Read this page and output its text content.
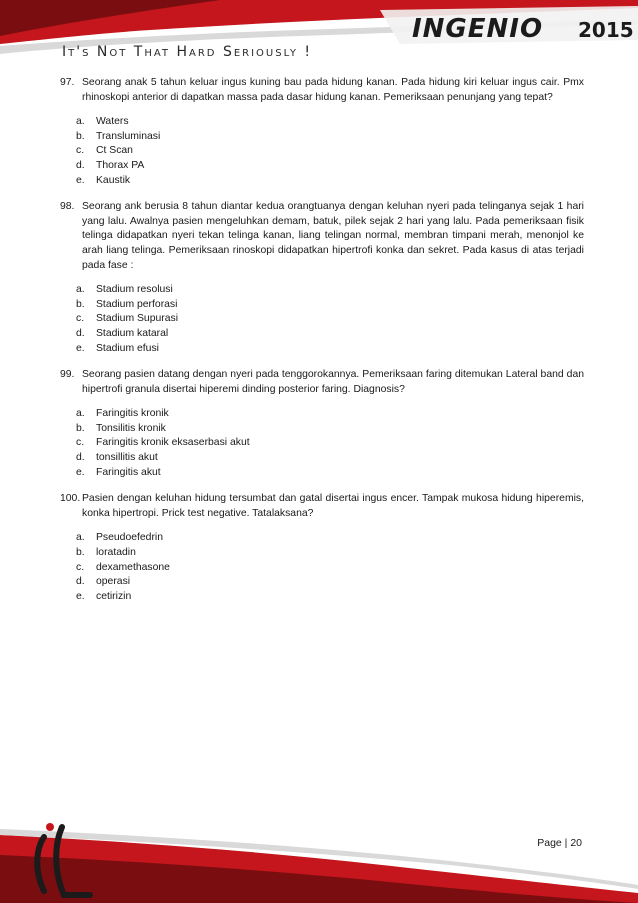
INGENIO 2015
It's Not That Hard Seriously !
97. Seorang anak 5 tahun keluar ingus kuning bau pada hidung kanan. Pada hidung kiri keluar ingus cair. Pmx rhinoskopi anterior di dapatkan massa pada dasar hidung kanan. Pemeriksaan penunjang yang tepat?
a. Waters
b. Transluminasi
c. Ct Scan
d. Thorax PA
e. Kaustik
98. Seorang ank berusia 8 tahun diantar kedua orangtuanya dengan keluhan nyeri pada telinganya sejak 1 hari yang lalu. Awalnya pasien mengeluhkan demam, batuk, pilek sejak 2 hari yang lalu. Pada pemeriksaan fisik telinga didapatkan nyeri tekan telinga kanan, liang telingan normal, membran timpani merah, menonjol ke arah liang telinga. Pemeriksaan rinoskopi didapatkan hipertrofi konka dan sekret. Pada kasus di atas terjadi pada fase :
a. Stadium resolusi
b. Stadium perforasi
c. Stadium Supurasi
d. Stadium kataral
e. Stadium efusi
99. Seorang pasien datang dengan nyeri pada tenggorokannya. Pemeriksaan faring ditemukan Lateral band dan hipertrofi granula disertai hiperemi dinding posterior faring. Diagnosis?
a. Faringitis kronik
b. Tonsilitis kronik
c. Faringitis kronik eksaserbasi akut
d. tonsillitis akut
e. Faringitis akut
100. Pasien dengan keluhan hidung tersumbat dan gatal disertai ingus encer. Tampak mukosa hidung hiperemis, konka hipertropi. Prick test negative. Tatalaksana?
a. Pseudoefedrin
b. loratadin
c. dexamethasone
d. operasi
e. cetirizin
Page | 20
